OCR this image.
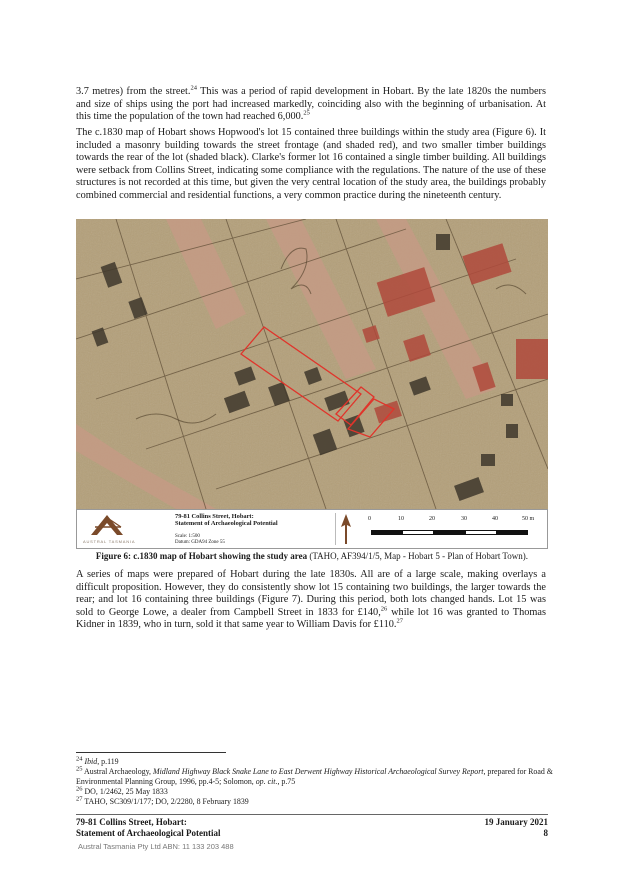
3.7 metres) from the street.$^{24}$ This was a period of rapid development in Hobart. By the late 1820s the numbers and size of ships using the port had increased markedly, coinciding also with the beginning of urbanisation. At this time the population of the town had reached 6,000.25

The c.1830 map of Hobart shows Hopwood's lot 15 contained three buildings within the study area (Figure 6). It included a masonry building towards the street frontage (and shaded red), and two smaller timber buildings towards the rear of the lot (shaded black). Clarke's former lot 16 contained a single timber building. All buildings were setback from Collins Street, indicating some compliance with the regulations. The nature of the use of these structures is not recorded at this time, but given the very central location of the study area, the buildings probably combined commercial and residential functions, a very common practice during the nineteenth century.

AUSTRAL TASMANIA
79-81 Collins Street, Hobart:
Statement of Archaeological Potential
Scale: 1:500
Datum: GDA94 Zone 55
0	10	20	30	40	50 m
Figure 6: c.1830 map of Hobart showing the study area (TAHO, AF394/1/5, Map - Hobart 5 - Plan of Hobart Town).

A series of maps were prepared of Hobart during the late 1830s. All are of a large scale, making overlays a difficult proposition. However, they do consistently show lot 15 containing two buildings, the larger towards the rear; and lot 16 containing three buildings (Figure 7). During this period, both lots changed hands. Lot 15 was sold to George Lowe, a dealer from Campbell Street in 1833 for £140,26 while lot 16 was granted to Thomas Kidner in 1839, who in turn, sold it that same year to William Davis for £110.27

$^{24}$ Ibid, p.119

$^{25}$ Austral Archaeology, Midland Highway Black Snake Lane to East Derwent Highway Historical Archaeological Survey Report, prepared for Road & Environmental Planning Group, 1996, pp.4-5; Solomon, op. cit., p.75

$^{26}$ DO, 1/2462, 25 May 1833

$^{27}$ TAHO, SC309/1/177; DO, 2/2280, 8 February 1839

79-81 Collins Street, Hobart:
Statement of Archaeological Potential
19 January 2021
8
Austral Tasmania Pty Ltd ABN: 11 133 203 488
